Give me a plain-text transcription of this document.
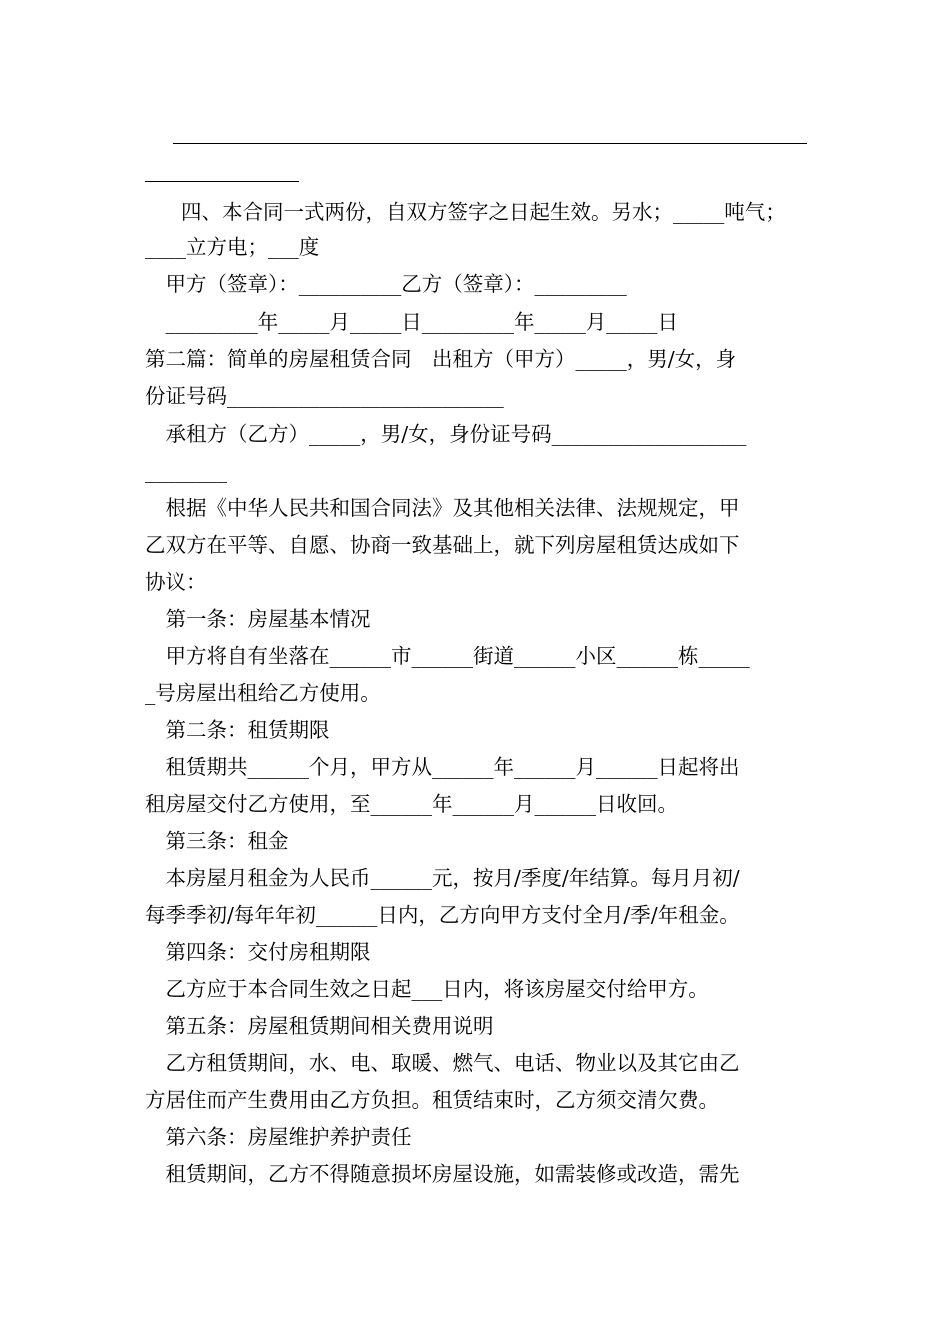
　　四、本合同一式两份，自双方签字之日起生效。另水；_____吨气；
____立方电；___度
　甲方（签章）：__________乙方（签章）：_________
　_________年_____月_____日_________年_____月_____日
第二篇：简单的房屋租赁合同　出租方（甲方）_____，男/女，身
份证号码___________________________
　承租方（乙方）_____，男/女，身份证号码___________________
________
　根据《中华人民共和国合同法》及其他相关法律、法规规定，甲
乙双方在平等、自愿、协商一致基础上，就下列房屋租赁达成如下
协议：
　第一条：房屋基本情况
　甲方将自有坐落在______市______街道______小区______栋_____
_号房屋出租给乙方使用。
　第二条：租赁期限
　租赁期共______个月，甲方从______年______月______日起将出
租房屋交付乙方使用，至______年______月______日收回。
　第三条：租金
　本房屋月租金为人民币______元，按月/季度/年结算。每月月初/
每季季初/每年年初______日内，乙方向甲方支付全月/季/年租金。
　第四条：交付房租期限
　乙方应于本合同生效之日起___日内，将该房屋交付给甲方。
　第五条：房屋租赁期间相关费用说明
　乙方租赁期间，水、电、取暖、燃气、电话、物业以及其它由乙
方居住而产生费用由乙方负担。租赁结束时，乙方须交清欠费。
　第六条：房屋维护养护责任
　租赁期间，乙方不得随意损坏房屋设施，如需装修或改造，需先
